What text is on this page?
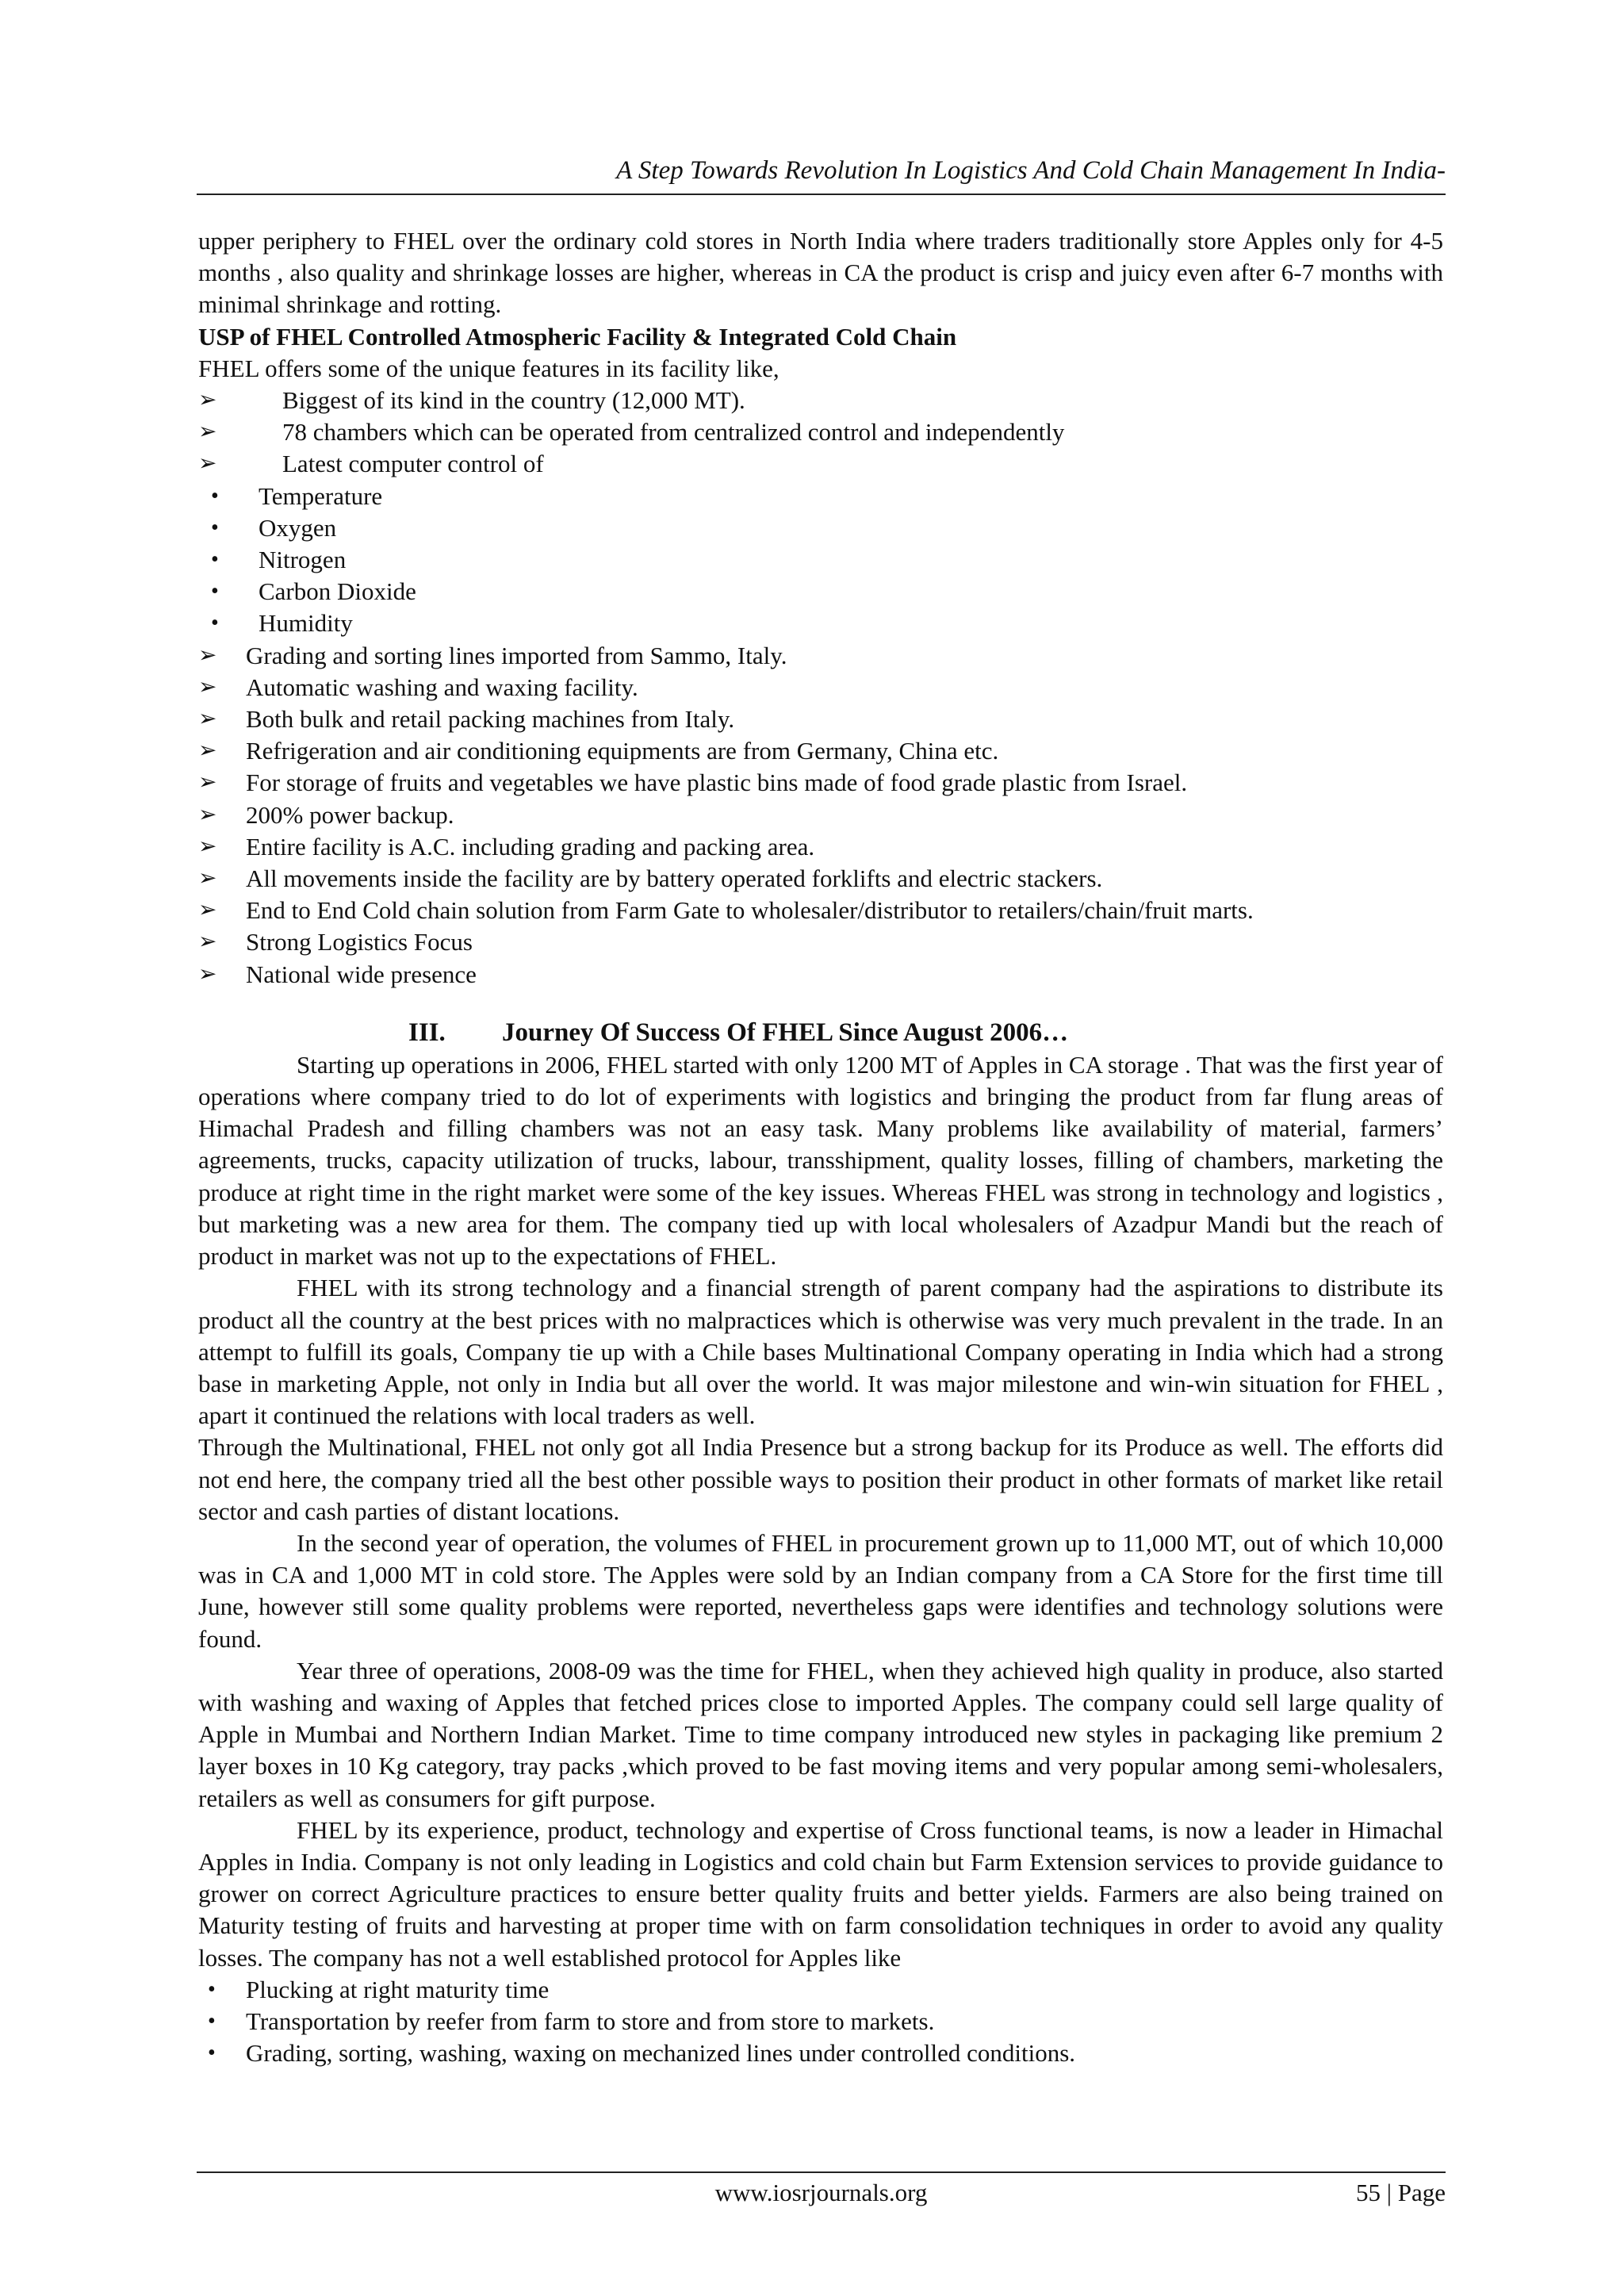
A Step Towards Revolution In Logistics And Cold Chain Management In India-

upper periphery to FHEL over the ordinary cold stores in North India where traders traditionally store Apples only for 4-5 months , also quality and shrinkage losses are higher, whereas in CA the product is crisp and juicy even after 6-7 months with minimal shrinkage and rotting.

USP of FHEL Controlled Atmospheric Facility & Integrated Cold Chain
FHEL offers some of the unique features in its facility like,
➢	Biggest of its kind in the country (12,000 MT).
➢	78 chambers which can be operated from centralized control and independently
➢	Latest computer control of
• Temperature
• Oxygen
• Nitrogen
• Carbon Dioxide
• Humidity
➢ Grading and sorting lines imported from Sammo, Italy.
➢ Automatic washing and waxing facility.
➢ Both bulk and retail packing machines from Italy.
➢ Refrigeration and air conditioning equipments are from Germany, China etc.
➢ For storage of fruits and vegetables we have plastic bins made of food grade plastic from Israel.
➢ 200% power backup.
➢ Entire facility is A.C. including grading and packing area.
➢ All movements inside the facility are by battery operated forklifts and electric stackers.
➢ End to End Cold chain solution from Farm Gate to wholesaler/distributor to retailers/chain/fruit marts.
➢ Strong Logistics Focus
➢ National wide presence
III. Journey Of Success Of FHEL Since August 2006…

Starting up operations in 2006, FHEL started with only 1200 MT of Apples in CA storage . That was the first year of operations where company tried to do lot of experiments with logistics and bringing the product from far flung areas of Himachal Pradesh and filling chambers was not an easy task. Many problems like availability of material, farmers’ agreements, trucks, capacity utilization of trucks, labour, transshipment, quality losses, filling of chambers, marketing the produce at right time in the right market were some of the key issues. Whereas FHEL was strong in technology and logistics , but marketing was a new area for them. The company tied up with local wholesalers of Azadpur Mandi but the reach of product in market was not up to the expectations of FHEL.

FHEL with its strong technology and a financial strength of parent company had the aspirations to distribute its product all the country at the best prices with no malpractices which is otherwise was very much prevalent in the trade. In an attempt to fulfill its goals, Company tie up with a Chile bases Multinational Company operating in India which had a strong base in marketing Apple, not only in India but all over the world. It was major milestone and win-win situation for FHEL , apart it continued the relations with local traders as well.

Through the Multinational, FHEL not only got all India Presence but a strong backup for its Produce as well. The efforts did not end here, the company tried all the best other possible ways to position their product in other formats of market like retail sector and cash parties of distant locations.

In the second year of operation, the volumes of FHEL in procurement grown up to 11,000 MT, out of which 10,000 was in CA and 1,000 MT in cold store. The Apples were sold by an Indian company from a CA Store for the first time till June, however still some quality problems were reported, nevertheless gaps were identifies and technology solutions were found.

Year three of operations, 2008-09 was the time for FHEL, when they achieved high quality in produce, also started with washing and waxing of Apples that fetched prices close to imported Apples. The company could sell large quality of Apple in Mumbai and Northern Indian Market. Time to time company introduced new styles in packaging like premium 2 layer boxes in 10 Kg category, tray packs ,which proved to be fast moving items and very popular among semi-wholesalers, retailers as well as consumers for gift purpose.

FHEL by its experience, product, technology and expertise of Cross functional teams, is now a leader in Himachal Apples in India. Company is not only leading in Logistics and cold chain but Farm Extension services to provide guidance to grower on correct Agriculture practices to ensure better quality fruits and better yields. Farmers are also being trained on Maturity testing of fruits and harvesting at proper time with on farm consolidation techniques in order to avoid any quality losses. The company has not a well established protocol for Apples like

• Plucking at right maturity time
• Transportation by reefer from farm to store and from store to markets.
• Grading, sorting, washing, waxing on mechanized lines under controlled conditions.
www.iosrjournals.org	55 | Page
